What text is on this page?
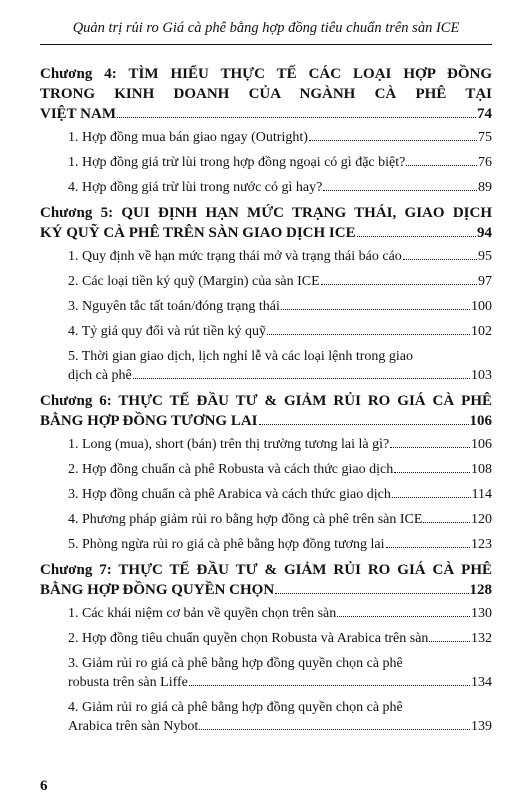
Quản trị rủi ro Giá cà phê bằng hợp đồng tiêu chuẩn trên sàn ICE
Chương 4: TÌM HIỂU THỰC TẾ CÁC LOẠI HỢP ĐỒNG
TRONG KINH DOANH CỦA NGÀNH CÀ PHÊ TẠI
VIỆT NAM	74
1. Hợp đồng mua bán giao ngay (Outright)	75
1. Hợp đồng giá trừ lùi trong hợp đồng ngoại có gì đặc biệt?	76
4. Hợp đồng giá trừ lùi trong nước có gì hay?	89
Chương 5: QUI ĐỊNH HẠN MỨC TRẠNG THÁI, GIAO DỊCH
KÝ QUỸ CÀ PHÊ TRÊN SÀN GIAO DỊCH ICE	94
1. Quy định về hạn mức trạng thái mở và trạng thái báo cáo	95
2. Các loại tiền ký quỹ (Margin) của sàn ICE	97
3. Nguyên tắc tất toán/đóng trạng thái	100
4. Tỷ giá quy đổi và rút tiền ký quỹ	102
5. Thời gian giao dịch, lịch nghỉ lễ và các loại lệnh trong giao
dịch cà phê	103
Chương 6: THỰC TẾ ĐẦU TƯ & GIẢM RỦI RO GIÁ CÀ PHÊ
BẰNG HỢP ĐỒNG TƯƠNG LAI	106
1. Long (mua), short (bán) trên thị trường tương lai là gì?	106
2. Hợp đồng chuẩn cà phê Robusta và cách thức giao dịch	108
3. Hợp đồng chuẩn cà phê Arabica và cách thức giao dịch	114
4. Phương pháp giảm rủi ro bằng hợp đồng cà phê trên sàn ICE	120
5. Phòng ngừa rủi ro giá cà phê bằng hợp đồng tương lai	123
Chương 7: THỰC TẾ ĐẦU TƯ & GIẢM RỦI RO GIÁ CÀ PHÊ
BẰNG HỢP ĐỒNG QUYỀN CHỌN	128
1. Các khái niệm cơ bản về quyền chọn trên sàn	130
2. Hợp đồng tiêu chuẩn quyền chọn Robusta và Arabica trên sàn	132
3. Giảm rủi ro giá cà phê bằng hợp đồng quyền chọn cà phê
robusta trên sàn Liffe	134
4. Giảm rủi ro giá cà phê bằng hợp đồng quyền chọn cà phê
Arabica trên sàn Nybot	139
6
